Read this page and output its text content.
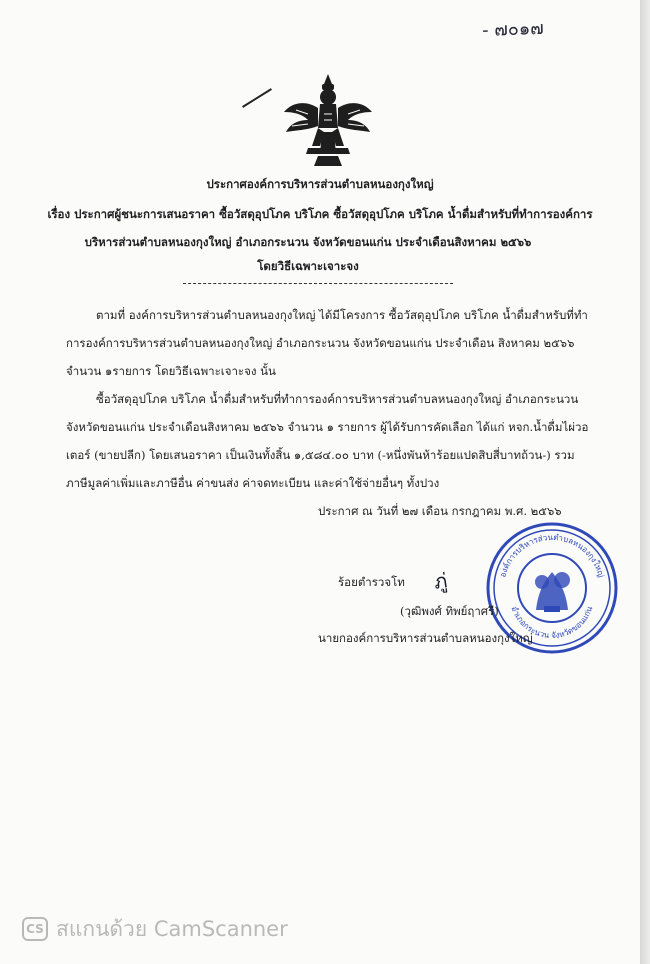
- ๗๐๑๗
ประกาศองค์การบริหารส่วนตำบลหนองกุงใหญ่
เรื่อง ประกาศผู้ชนะการเสนอราคา ซื้อวัสดุอุปโภค บริโภค ซื้อวัสดุอุปโภค บริโภค น้ำดื่มสำหรับที่ทำการองค์การ
บริหารส่วนตำบลหนองกุงใหญ่ อำเภอกระนวน จังหวัดขอนแก่น ประจำเดือนสิงหาคม ๒๕๖๖
โดยวิธีเฉพาะเจาะจง
ตามที่ องค์การบริหารส่วนตำบลหนองกุงใหญ่ ได้มีโครงการ ซื้อวัสดุอุปโภค บริโภค น้ำดื่มสำหรับที่ทำ
การองค์การบริหารส่วนตำบลหนองกุงใหญ่ อำเภอกระนวน จังหวัดขอนแก่น ประจำเดือน สิงหาคม ๒๕๖๖
จำนวน ๑รายการ โดยวิธีเฉพาะเจาะจง นั้น
ซื้อวัสดุอุปโภค บริโภค น้ำดื่มสำหรับที่ทำการองค์การบริหารส่วนตำบลหนองกุงใหญ่ อำเภอกระนวน
จังหวัดขอนแก่น ประจำเดือนสิงหาคม ๒๕๖๖ จำนวน ๑ รายการ ผู้ได้รับการคัดเลือก ได้แก่ หจก.น้ำดื่มไผ่วอ
เตอร์ (ขายปลีก) โดยเสนอราคา เป็นเงินทั้งสิ้น ๑,๕๘๔.๐๐ บาท (-หนึ่งพันห้าร้อยแปดสิบสี่บาทถ้วน-) รวม
ภาษีมูลค่าเพิ่มและภาษีอื่น ค่าขนส่ง ค่าจดทะเบียน และค่าใช้จ่ายอื่นๆ ทั้งปวง
ประกาศ ณ วันที่ ๒๗ เดือน กรกฎาคม พ.ศ. ๒๕๖๖
องค์การบริหารส่วนตำบลหนองกุงใหญ่
อำเภอกระนวน จังหวัดขอนแก่น
ภู่
ร้อยตำรวจโท
(วุฒิพงศ์ ทิพย์ฤาศรี)
นายกองค์การบริหารส่วนตำบลหนองกุงใหญ่
CS สแกนด้วย CamScanner
